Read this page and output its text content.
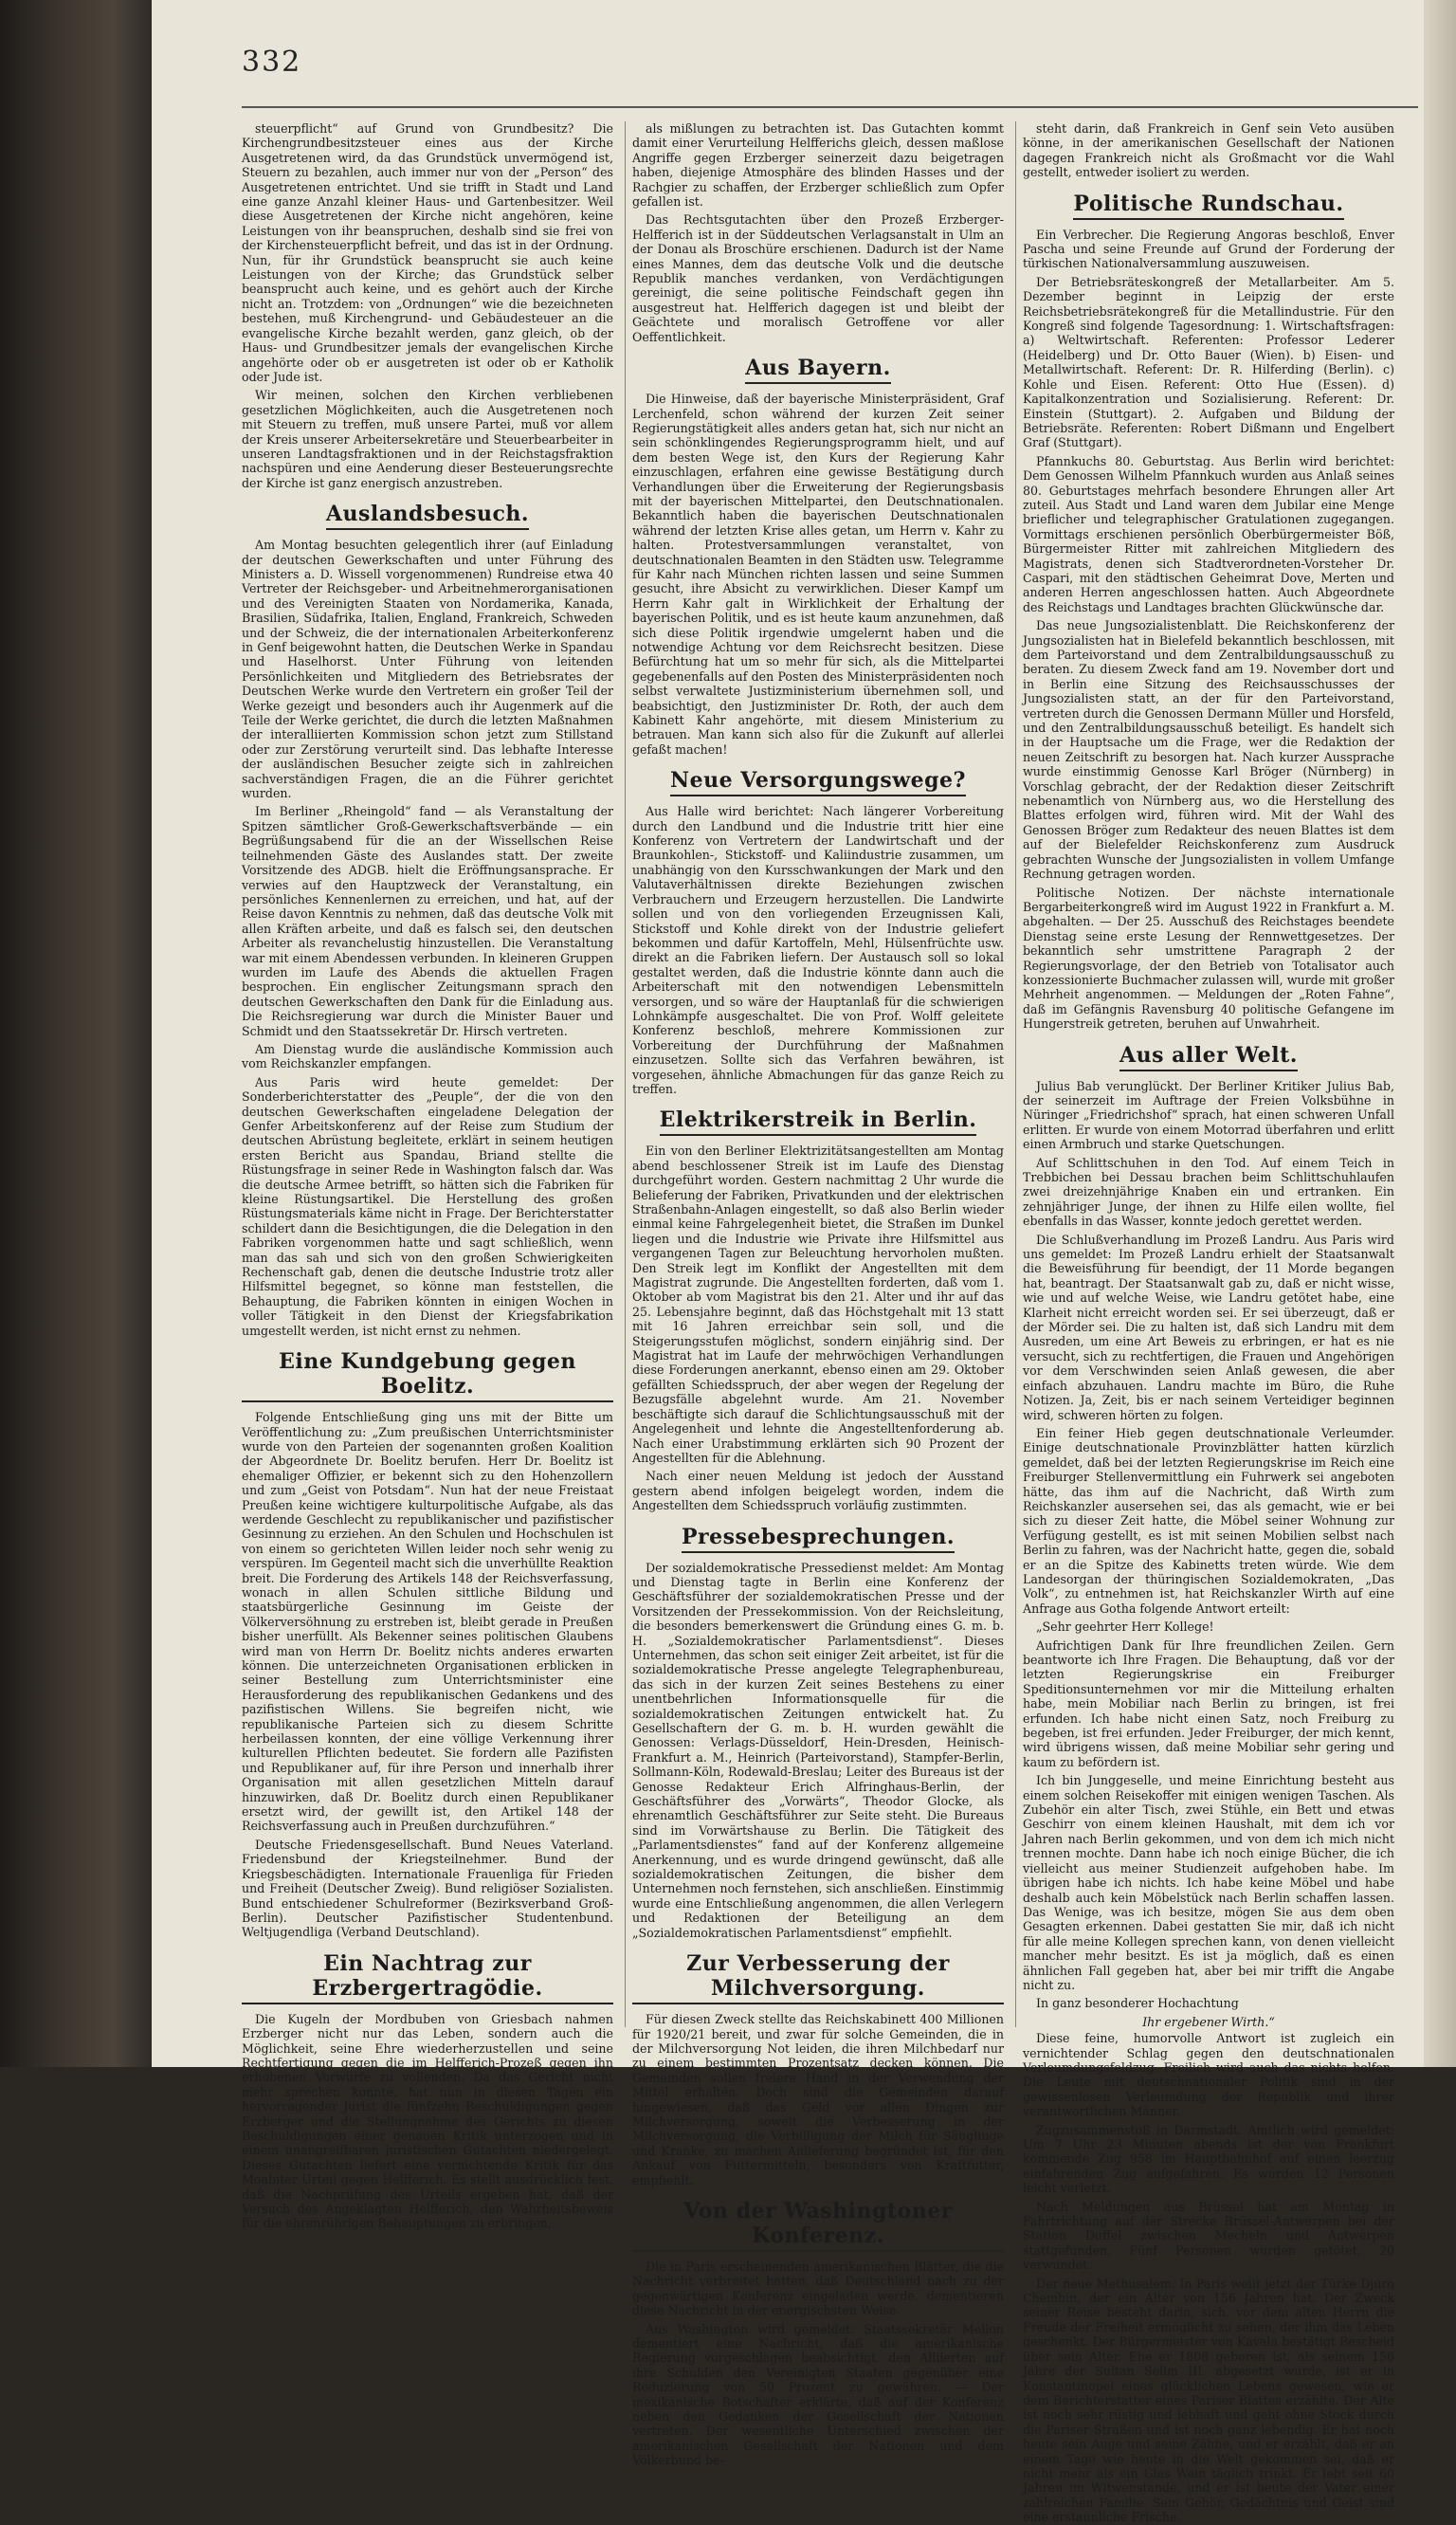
332

steuerpflicht“ auf Grund von Grundbesitz? Die Kirchengrundbesitzsteuer eines aus der Kirche Ausgetretenen wird, da das Grundstück unvermögend ist, Steuern zu bezahlen, auch immer nur von der „Person“ des Ausgetretenen entrichtet. Und sie trifft in Stadt und Land eine ganze Anzahl kleiner Haus- und Gartenbesitzer. Weil diese Ausgetretenen der Kirche nicht angehören, keine Leistungen von ihr beanspruchen, deshalb sind sie frei von der Kirchensteuerpflicht befreit, und das ist in der Ordnung. Nun, für ihr Grundstück beansprucht sie auch keine Leistungen von der Kirche; das Grundstück selber beansprucht auch keine, und es gehört auch der Kirche nicht an. Trotzdem: von „Ordnungen“ wie die bezeichneten bestehen, muß Kirchengrund- und Gebäudesteuer an die evangelische Kirche bezahlt werden, ganz gleich, ob der Haus- und Grundbesitzer jemals der evangelischen Kirche angehörte oder ob er ausgetreten ist oder ob er Katholik oder Jude ist.

Wir meinen, solchen den Kirchen verbliebenen gesetzlichen Möglichkeiten, auch die Ausgetretenen noch mit Steuern zu treffen, muß unsere Partei, muß vor allem der Kreis unserer Arbeitersekretäre und Steuerbearbeiter in unseren Landtagsfraktionen und in der Reichstagsfraktion nachspüren und eine Aenderung dieser Besteuerungsrechte der Kirche ist ganz energisch anzustreben.

Auslandsbesuch.

Am Montag besuchten gelegentlich ihrer (auf Einladung der deutschen Gewerkschaften und unter Führung des Ministers a. D. Wissell vorgenommenen) Rundreise etwa 40 Vertreter der Reichsgeber- und Arbeitnehmerorganisationen und des Vereinigten Staaten von Nordamerika, Kanada, Brasilien, Südafrika, Italien, England, Frankreich, Schweden und der Schweiz, die der internationalen Arbeiterkonferenz in Genf beigewohnt hatten, die Deutschen Werke in Spandau und Haselhorst. Unter Führung von leitenden Persönlichkeiten und Mitgliedern des Betriebsrates der Deutschen Werke wurde den Vertretern ein großer Teil der Werke gezeigt und besonders auch ihr Augenmerk auf die Teile der Werke gerichtet, die durch die letzten Maßnahmen der interalliierten Kommission schon jetzt zum Stillstand oder zur Zerstörung verurteilt sind. Das lebhafte Interesse der ausländischen Besucher zeigte sich in zahlreichen sachverständigen Fragen, die an die Führer gerichtet wurden.

Im Berliner „Rheingold“ fand — als Veranstaltung der Spitzen sämtlicher Groß-Gewerkschaftsverbände — ein Begrüßungsabend für die an der Wissellschen Reise teilnehmenden Gäste des Auslandes statt. Der zweite Vorsitzende des ADGB. hielt die Eröffnungsansprache. Er verwies auf den Hauptzweck der Veranstaltung, ein persönliches Kennenlernen zu erreichen, und hat, auf der Reise davon Kenntnis zu nehmen, daß das deutsche Volk mit allen Kräften arbeite, und daß es falsch sei, den deutschen Arbeiter als revanchelustig hinzustellen. Die Veranstaltung war mit einem Abendessen verbunden. In kleineren Gruppen wurden im Laufe des Abends die aktuellen Fragen besprochen. Ein englischer Zeitungsmann sprach den deutschen Gewerkschaften den Dank für die Einladung aus. Die Reichsregierung war durch die Minister Bauer und Schmidt und den Staatssekretär Dr. Hirsch vertreten.

Am Dienstag wurde die ausländische Kommission auch vom Reichskanzler empfangen.

Aus Paris wird heute gemeldet: Der Sonderberichterstatter des „Peuple“, der die von den deutschen Gewerkschaften eingeladene Delegation der Genfer Arbeitskonferenz auf der Reise zum Studium der deutschen Abrüstung begleitete, erklärt in seinem heutigen ersten Bericht aus Spandau, Briand stellte die Rüstungsfrage in seiner Rede in Washington falsch dar. Was die deutsche Armee betrifft, so hätten sich die Fabriken für kleine Rüstungsartikel. Die Herstellung des großen Rüstungsmaterials käme nicht in Frage. Der Berichterstatter schildert dann die Besichtigungen, die die Delegation in den Fabriken vorgenommen hatte und sagt schließlich, wenn man das sah und sich von den großen Schwierigkeiten Rechenschaft gab, denen die deutsche Industrie trotz aller Hilfsmittel begegnet, so könne man feststellen, die Behauptung, die Fabriken könnten in einigen Wochen in voller Tätigkeit in den Dienst der Kriegsfabrikation umgestellt werden, ist nicht ernst zu nehmen.

Eine Kundgebung gegen Boelitz.

Folgende Entschließung ging uns mit der Bitte um Veröffentlichung zu: „Zum preußischen Unterrichtsminister wurde von den Parteien der sogenannten großen Koalition der Abgeordnete Dr. Boelitz berufen. Herr Dr. Boelitz ist ehemaliger Offizier, er bekennt sich zu den Hohenzollern und zum „Geist von Potsdam“. Nun hat der neue Freistaat Preußen keine wichtigere kulturpolitische Aufgabe, als das werdende Geschlecht zu republikanischer und pazifistischer Gesinnung zu erziehen. An den Schulen und Hochschulen ist von einem so gerichteten Willen leider noch sehr wenig zu verspüren. Im Gegenteil macht sich die unverhüllte Reaktion breit. Die Forderung des Artikels 148 der Reichsverfassung, wonach in allen Schulen sittliche Bildung und staatsbürgerliche Gesinnung im Geiste der Völkerversöhnung zu erstreben ist, bleibt gerade in Preußen bisher unerfüllt. Als Bekenner seines politischen Glaubens wird man von Herrn Dr. Boelitz nichts anderes erwarten können. Die unterzeichneten Organisationen erblicken in seiner Bestellung zum Unterrichtsminister eine Herausforderung des republikanischen Gedankens und des pazifistischen Willens. Sie begreifen nicht, wie republikanische Parteien sich zu diesem Schritte herbeilassen konnten, der eine völlige Verkennung ihrer kulturellen Pflichten bedeutet. Sie fordern alle Pazifisten und Republikaner auf, für ihre Person und innerhalb ihrer Organisation mit allen gesetzlichen Mitteln darauf hinzuwirken, daß Dr. Boelitz durch einen Republikaner ersetzt wird, der gewillt ist, den Artikel 148 der Reichsverfassung auch in Preußen durchzuführen.“

Deutsche Friedensgesellschaft. Bund Neues Vaterland. Friedensbund der Kriegsteilnehmer. Bund der Kriegsbeschädigten. Internationale Frauenliga für Frieden und Freiheit (Deutscher Zweig). Bund religiöser Sozialisten. Bund entschiedener Schulreformer (Bezirksverband Groß-Berlin). Deutscher Pazifistischer Studentenbund. Weltjugendliga (Verband Deutschland).

Ein Nachtrag zur Erzbergertragödie.

Die Kugeln der Mordbuben von Griesbach nahmen Erzberger nicht nur das Leben, sondern auch die Möglichkeit, seine Ehre wiederherzustellen und seine Rechtfertigung gegen die im Helfferich-Prozeß gegen ihn erhobenen Vorwürfe zu vollenden. Da das Gericht nicht mehr sprechen konnte, hat nun in diesen Tagen ein hervorragender Jurist die fünfzehn Beschuldigungen gegen Erzberger und die Stellungnahme des Gerichts zu diesen Beschuldigungen einer genauen Kritik unterzogen und in einem unangreifbaren juristischen Gutachten niedergelegt. Dieses Gutachten liefert eine vernichtende Kritik für das Moabiter Urteil gegen Helfferich. Es stellt ausdrücklich fest, daß die Nachprüfung des Urteils ergeben hat, daß der Versuch des Angeklagten Helfferich, den Wahrheitsbeweis für die ehrenrührigen Behauptungen zu erbringen,

als mißlungen zu betrachten ist. Das Gutachten kommt damit einer Verurteilung Helfferichs gleich, dessen maßlose Angriffe gegen Erzberger seinerzeit dazu beigetragen haben, diejenige Atmosphäre des blinden Hasses und der Rachgier zu schaffen, der Erzberger schließlich zum Opfer gefallen ist.

Das Rechtsgutachten über den Prozeß Erzberger-Helfferich ist in der Süddeutschen Verlagsanstalt in Ulm an der Donau als Broschüre erschienen. Dadurch ist der Name eines Mannes, dem das deutsche Volk und die deutsche Republik manches verdanken, von Verdächtigungen gereinigt, die seine politische Feindschaft gegen ihn ausgestreut hat. Helfferich dagegen ist und bleibt der Geächtete und moralisch Getroffene vor aller Oeffentlichkeit.

Aus Bayern.

Die Hinweise, daß der bayerische Ministerpräsident, Graf Lerchenfeld, schon während der kurzen Zeit seiner Regierungstätigkeit alles anders getan hat, sich nur nicht an sein schönklingendes Regierungsprogramm hielt, und auf dem besten Wege ist, den Kurs der Regierung Kahr einzuschlagen, erfahren eine gewisse Bestätigung durch Verhandlungen über die Erweiterung der Regierungsbasis mit der bayerischen Mittelpartei, den Deutschnationalen. Bekanntlich haben die bayerischen Deutschnationalen während der letzten Krise alles getan, um Herrn v. Kahr zu halten. Protestversammlungen veranstaltet, von deutschnationalen Beamten in den Städten usw. Telegramme für Kahr nach München richten lassen und seine Summen gesucht, ihre Absicht zu verwirklichen. Dieser Kampf um Herrn Kahr galt in Wirklichkeit der Erhaltung der bayerischen Politik, und es ist heute kaum anzunehmen, daß sich diese Politik irgendwie umgelernt haben und die notwendige Achtung vor dem Reichsrecht besitzen. Diese Befürchtung hat um so mehr für sich, als die Mittelpartei gegebenenfalls auf den Posten des Ministerpräsidenten noch selbst verwaltete Justizministerium übernehmen soll, und beabsichtigt, den Justizminister Dr. Roth, der auch dem Kabinett Kahr angehörte, mit diesem Ministerium zu betrauen. Man kann sich also für die Zukunft auf allerlei gefaßt machen!

Neue Versorgungswege?

Aus Halle wird berichtet: Nach längerer Vorbereitung durch den Landbund und die Industrie tritt hier eine Konferenz von Vertretern der Landwirtschaft und der Braunkohlen-, Stickstoff- und Kaliindustrie zusammen, um unabhängig von den Kursschwankungen der Mark und den Valutaverhältnissen direkte Beziehungen zwischen Verbrauchern und Erzeugern herzustellen. Die Landwirte sollen und von den vorliegenden Erzeugnissen Kali, Stickstoff und Kohle direkt von der Industrie geliefert bekommen und dafür Kartoffeln, Mehl, Hülsenfrüchte usw. direkt an die Fabriken liefern. Der Austausch soll so lokal gestaltet werden, daß die Industrie könnte dann auch die Arbeiterschaft mit den notwendigen Lebensmitteln versorgen, und so wäre der Hauptanlaß für die schwierigen Lohnkämpfe ausgeschaltet. Die von Prof. Wolff geleitete Konferenz beschloß, mehrere Kommissionen zur Vorbereitung der Durchführung der Maßnahmen einzusetzen. Sollte sich das Verfahren bewähren, ist vorgesehen, ähnliche Abmachungen für das ganze Reich zu treffen.

Elektrikerstreik in Berlin.

Ein von den Berliner Elektrizitätsangestellten am Montag abend beschlossener Streik ist im Laufe des Dienstag durchgeführt worden. Gestern nachmittag 2 Uhr wurde die Belieferung der Fabriken, Privatkunden und der elektrischen Straßenbahn-Anlagen eingestellt, so daß also Berlin wieder einmal keine Fahrgelegenheit bietet, die Straßen im Dunkel liegen und die Industrie wie Private ihre Hilfsmittel aus vergangenen Tagen zur Beleuchtung hervorholen mußten. Den Streik legt im Konflikt der Angestellten mit dem Magistrat zugrunde. Die Angestellten forderten, daß vom 1. Oktober ab vom Magistrat bis den 21. Alter und ihr auf das 25. Lebensjahre beginnt, daß das Höchstgehalt mit 13 statt mit 16 Jahren erreichbar sein soll, und die Steigerungsstufen möglichst, sondern einjährig sind. Der Magistrat hat im Laufe der mehrwöchigen Verhandlungen diese Forderungen anerkannt, ebenso einen am 29. Oktober gefällten Schiedsspruch, der aber wegen der Regelung der Bezugsfälle abgelehnt wurde. Am 21. November beschäftigte sich darauf die Schlichtungsausschuß mit der Angelegenheit und lehnte die Angestelltenforderung ab. Nach einer Urabstimmung erklärten sich 90 Prozent der Angestellten für die Ablehnung.

Nach einer neuen Meldung ist jedoch der Ausstand gestern abend infolgen beigelegt worden, indem die Angestellten dem Schiedsspruch vorläufig zustimmten.

Pressebesprechungen.

Der sozialdemokratische Pressedienst meldet: Am Montag und Dienstag tagte in Berlin eine Konferenz der Geschäftsführer der sozialdemokratischen Presse und der Vorsitzenden der Pressekommission. Von der Reichsleitung, die besonders bemerkenswert die Gründung eines G. m. b. H. „Sozialdemokratischer Parlamentsdienst“. Dieses Unternehmen, das schon seit einiger Zeit arbeitet, ist für die sozialdemokratische Presse angelegte Telegraphenbureau, das sich in der kurzen Zeit seines Bestehens zu einer unentbehrlichen Informationsquelle für die sozialdemokratischen Zeitungen entwickelt hat. Zu Gesellschaftern der G. m. b. H. wurden gewählt die Genossen: Verlags-Düsseldorf, Hein-Dresden, Heinisch-Frankfurt a. M., Heinrich (Parteivorstand), Stampfer-Berlin, Sollmann-Köln, Rodewald-Breslau; Leiter des Bureaus ist der Genosse Redakteur Erich Alfringhaus-Berlin, der Geschäftsführer des „Vorwärts“, Theodor Glocke, als ehrenamtlich Geschäftsführer zur Seite steht. Die Bureaus sind im Vorwärtshause zu Berlin. Die Tätigkeit des „Parlamentsdienstes“ fand auf der Konferenz allgemeine Anerkennung, und es wurde dringend gewünscht, daß alle sozialdemokratischen Zeitungen, die bisher dem Unternehmen noch fernstehen, sich anschließen. Einstimmig wurde eine Entschließung angenommen, die allen Verlegern und Redaktionen der Beteiligung an dem „Sozialdemokratischen Parlamentsdienst“ empfiehlt.

Zur Verbesserung der Milchversorgung.

Für diesen Zweck stellte das Reichskabinett 400 Millionen für 1920/21 bereit, und zwar für solche Gemeinden, die in der Milchversorgung Not leiden, die ihren Milchbedarf nur zu einem bestimmten Prozentsatz decken können. Die Gemeinden sollen freiere Hand in der Verwendung der Mittel erhalten. Doch sind die Gemeinden darauf hingewiesen, daß das Geld vor allen Dingen zur Milchversorgung, soweit die Verbesserung in der Milchversorgung, die Verbilligung der Milch für Säuglinge und Kranke, zu machen Anlieferung begründet ist, für den Ankauf von Futtermitteln, besonders von Kraftfutter, empfiehlt.

Von der Washingtoner Konferenz.

Die in Paris erscheinenden amerikanischen Blätter, die die Nachricht verbreitet hatten, daß Deutschland nach zu der gegenwärtigen Konferenz eingeladen werde, dementieren diese Nachricht in der energischsten Weise.

Aus Washington wird gemeldet: Staatssekretär Mellon dementiert eine Nachricht, daß die amerikanische Regierung vorgeschlagen beabsichtigt, den Alliierten auf ihre Schulden den Vereinigten Staaten gegenüber eine Reduzierung von 50 Prozent zu gewähren. — Der mexikanische Botschafter erklärte, daß auf der Konferenz neben den Gedanken der Gesellschaft der Nationen vertreten. Der wesentliche Unterschied zwischen der amerikanischen Gesellschaft der Nationen und dem Völkerbund be-

steht darin, daß Frankreich in Genf sein Veto ausüben könne, in der amerikanischen Gesellschaft der Nationen dagegen Frankreich nicht als Großmacht vor die Wahl gestellt, entweder isoliert zu werden.

Politische Rundschau.

Ein Verbrecher. Die Regierung Angoras beschloß, Enver Pascha und seine Freunde auf Grund der Forderung der türkischen Nationalversammlung auszuweisen.

Der Betriebsräteskongreß der Metallarbeiter. Am 5. Dezember beginnt in Leipzig der erste Reichsbetriebsrätekongreß für die Metallindustrie. Für den Kongreß sind folgende Tagesordnung: 1. Wirtschaftsfragen: a) Weltwirtschaft. Referenten: Professor Lederer (Heidelberg) und Dr. Otto Bauer (Wien). b) Eisen- und Metallwirtschaft. Referent: Dr. R. Hilferding (Berlin). c) Kohle und Eisen. Referent: Otto Hue (Essen). d) Kapitalkonzentration und Sozialisierung. Referent: Dr. Einstein (Stuttgart). 2. Aufgaben und Bildung der Betriebsräte. Referenten: Robert Dißmann und Engelbert Graf (Stuttgart).

Pfannkuchs 80. Geburtstag. Aus Berlin wird berichtet: Dem Genossen Wilhelm Pfannkuch wurden aus Anlaß seines 80. Geburtstages mehrfach besondere Ehrungen aller Art zuteil. Aus Stadt und Land waren dem Jubilar eine Menge brieflicher und telegraphischer Gratulationen zugegangen. Vormittags erschienen persönlich Oberbürgermeister Böß, Bürgermeister Ritter mit zahlreichen Mitgliedern des Magistrats, denen sich Stadtverordneten-Vorsteher Dr. Caspari, mit den städtischen Geheimrat Dove, Merten und anderen Herren angeschlossen hatten. Auch Abgeordnete des Reichstags und Landtages brachten Glückwünsche dar.

Das neue Jungsozialistenblatt. Die Reichskonferenz der Jungsozialisten hat in Bielefeld bekanntlich beschlossen, mit dem Parteivorstand und dem Zentralbildungsausschuß zu beraten. Zu diesem Zweck fand am 19. November dort und in Berlin eine Sitzung des Reichsausschusses der Jungsozialisten statt, an der für den Parteivorstand, vertreten durch die Genossen Dermann Müller und Horsfeld, und den Zentralbildungsausschuß beteiligt. Es handelt sich in der Hauptsache um die Frage, wer die Redaktion der neuen Zeitschrift zu besorgen hat. Nach kurzer Aussprache wurde einstimmig Genosse Karl Bröger (Nürnberg) in Vorschlag gebracht, der der Redaktion dieser Zeitschrift nebenamtlich von Nürnberg aus, wo die Herstellung des Blattes erfolgen wird, führen wird. Mit der Wahl des Genossen Bröger zum Redakteur des neuen Blattes ist dem auf der Bielefelder Reichskonferenz zum Ausdruck gebrachten Wunsche der Jungsozialisten in vollem Umfange Rechnung getragen worden.

Politische Notizen. Der nächste internationale Bergarbeiterkongreß wird im August 1922 in Frankfurt a. M. abgehalten. — Der 25. Ausschuß des Reichstages beendete Dienstag seine erste Lesung der Rennwettgesetzes. Der bekanntlich sehr umstrittene Paragraph 2 der Regierungsvorlage, der den Betrieb von Totalisator auch konzessionierte Buchmacher zulassen will, wurde mit großer Mehrheit angenommen. — Meldungen der „Roten Fahne“, daß im Gefängnis Ravensburg 40 politische Gefangene im Hungerstreik getreten, beruhen auf Unwahrheit.

Aus aller Welt.

Julius Bab verunglückt. Der Berliner Kritiker Julius Bab, der seinerzeit im Auftrage der Freien Volksbühne in Nüringer „Friedrichshof“ sprach, hat einen schweren Unfall erlitten. Er wurde von einem Motorrad überfahren und erlitt einen Armbruch und starke Quetschungen.

Auf Schlittschuhen in den Tod. Auf einem Teich in Trebbichen bei Dessau brachen beim Schlittschuhlaufen zwei dreizehnjährige Knaben ein und ertranken. Ein zehnjähriger Junge, der ihnen zu Hilfe eilen wollte, fiel ebenfalls in das Wasser, konnte jedoch gerettet werden.

Die Schlußverhandlung im Prozeß Landru. Aus Paris wird uns gemeldet: Im Prozeß Landru erhielt der Staatsanwalt die Beweisführung für beendigt, der 11 Morde begangen hat, beantragt. Der Staatsanwalt gab zu, daß er nicht wisse, wie und auf welche Weise, wie Landru getötet habe, eine Klarheit nicht erreicht worden sei. Er sei überzeugt, daß er der Mörder sei. Die zu halten ist, daß sich Landru mit dem Ausreden, um eine Art Beweis zu erbringen, er hat es nie versucht, sich zu rechtfertigen, die Frauen und Angehörigen vor dem Verschwinden seien Anlaß gewesen, die aber einfach abzuhauen. Landru machte im Büro, die Ruhe Notizen. Ja, Zeit, bis er nach seinem Verteidiger beginnen wird, schweren hörten zu folgen.

Ein feiner Hieb gegen deutschnationale Verleumder. Einige deutschnationale Provinzblätter hatten kürzlich gemeldet, daß bei der letzten Regierungskrise im Reich eine Freiburger Stellenvermittlung ein Fuhrwerk sei angeboten hätte, das ihm auf die Nachricht, daß Wirth zum Reichskanzler ausersehen sei, das als gemacht, wie er bei sich zu dieser Zeit hatte, die Möbel seiner Wohnung zur Verfügung gestellt, es ist mit seinen Mobilien selbst nach Berlin zu fahren, was der Nachricht hatte, gegen die, sobald er an die Spitze des Kabinetts treten würde. Wie dem Landesorgan der thüringischen Sozialdemokraten, „Das Volk“, zu entnehmen ist, hat Reichskanzler Wirth auf eine Anfrage aus Gotha folgende Antwort erteilt:

„Sehr geehrter Herr Kollege!

Aufrichtigen Dank für Ihre freundlichen Zeilen. Gern beantworte ich Ihre Fragen. Die Behauptung, daß vor der letzten Regierungskrise ein Freiburger Speditionsunternehmen vor mir die Mitteilung erhalten habe, mein Mobiliar nach Berlin zu bringen, ist frei erfunden. Ich habe nicht einen Satz, noch Freiburg zu begeben, ist frei erfunden. Jeder Freiburger, der mich kennt, wird übrigens wissen, daß meine Mobiliar sehr gering und kaum zu befördern ist.

Ich bin Junggeselle, und meine Einrichtung besteht aus einem solchen Reisekoffer mit einigen wenigen Taschen. Als Zubehör ein alter Tisch, zwei Stühle, ein Bett und etwas Geschirr von einem kleinen Haushalt, mit dem ich vor Jahren nach Berlin gekommen, und von dem ich mich nicht trennen mochte. Dann habe ich noch einige Bücher, die ich vielleicht aus meiner Studienzeit aufgehoben habe. Im übrigen habe ich nichts. Ich habe keine Möbel und habe deshalb auch kein Möbelstück nach Berlin schaffen lassen. Das Wenige, was ich besitze, mögen Sie aus dem oben Gesagten erkennen. Dabei gestatten Sie mir, daß ich nicht für alle meine Kollegen sprechen kann, von denen vielleicht mancher mehr besitzt. Es ist ja möglich, daß es einen ähnlichen Fall gegeben hat, aber bei mir trifft die Angabe nicht zu.

In ganz besonderer Hochachtung

Ihr ergebener Wirth.“

Diese feine, humorvolle Antwort ist zugleich ein vernichtender Schlag gegen den deutschnationalen Verleumdungsfeldzug. Freilich wird auch das nichts helfen. Die Leute mit deutschnationaler Politik sind in der gewissenlosen Verleumdung der Republik und ihrer verantwortlichen Männer.

Zugzusammenstoß in Darmstadt. Amtlich wird gemeldet: Um 7 Uhr 23 Minuten abends ist der von Frankfurt kommende Zug 958 im Hauptbahnhof auf einen leerzug einfahrenden Zug aufgefahren. Es wurden 12 Personen leicht verletzt.

Nach Meldungen aus Brüssel hat am Montag in Fahrtrichtung auf der Strecke Brüssel-Antwerpen bei der Station Duffel zwischen Mecheln und Antwerpen stattgefunden. Fünf Personen wurden getötet, 20 verwundet.

Der neue Methusalem. In Paris weilt jetzt der Türke Djuro Chembin, der ein Alter von 156 Jahren hat. Der Zweck seiner Reise besteht darin, sich, vor dem alten Herrn die Freude der Freiheit ermöglicht zu sehen, der ihm das Leben geschenkt. Der Bürgermeister von Kavala bestätigt Bescheid über sein Alter. Ehe er 1808 geboren ist, als seinem 156 Jahre der Sultan Selim III. abgesetzt wurde, ist er in Konstantinopel eines glücklichen Lebens gewesen, wie er dem Berichterstatter eines Pariser Blattes erzählte. Der Alte ist noch sehr rüstig und lebhaft und geht ohne Stock durch die Pariser Straßen und ist noch ganz lebendig. Er hat noch heute sein Auge und seine Zähne, und er erzählt, daß er an einem Tage wie heute in die Welt gekommen sei, daß er nicht mehr als ein Glas Wein täglich trinkt. Er lebt seit 60 Jahren im Witwenstande, und er ist heute der Vater einer zahlreichen Familie. Sein Gehör, Gedächtnis und Geist sind eine erstaunliche Frische.
